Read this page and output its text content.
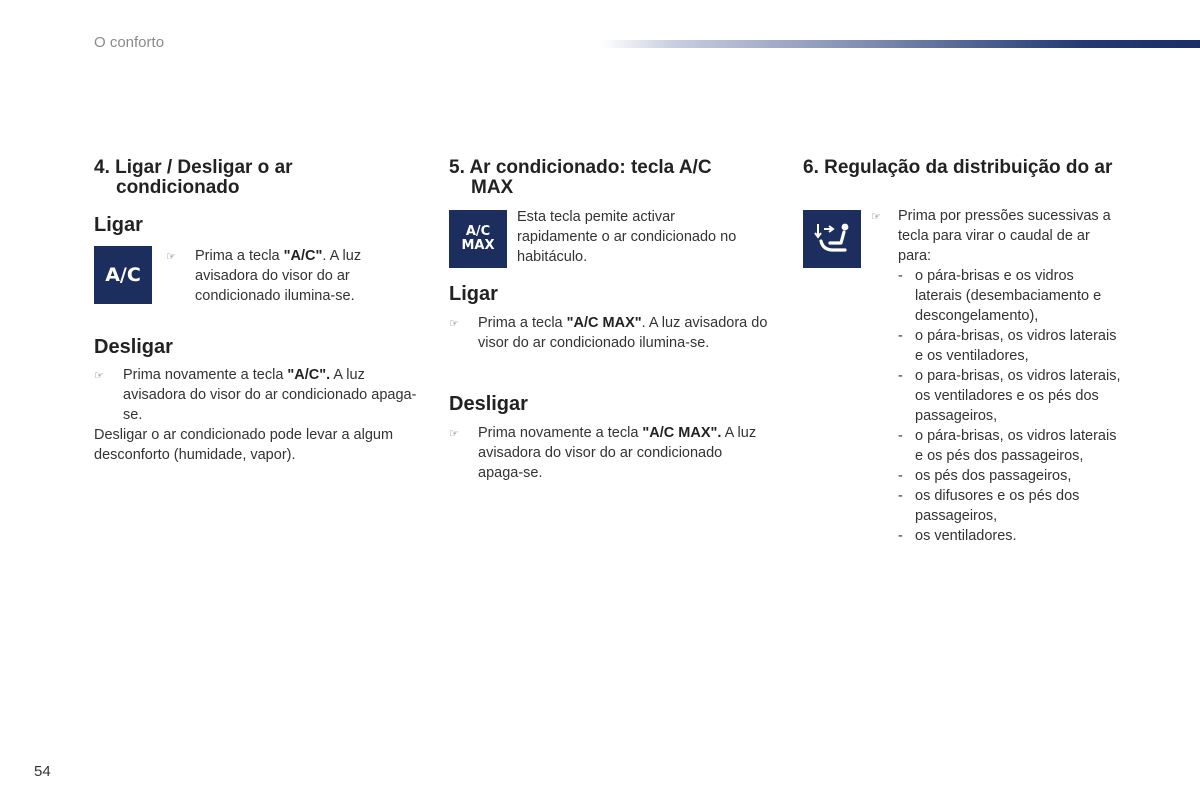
O conforto
4. Ligar / Desligar o ar
condicionado
Ligar
A/C
☞	Prima a tecla "A/C". A luz avisadora do visor do ar condicionado ilumina-se.
Desligar
☞	Prima novamente a tecla "A/C". A luz avisadora do visor do ar condicionado apaga-se.

Desligar o ar condicionado pode levar a algum desconforto (humidade, vapor).

5. Ar condicionado: tecla A/C
MAX
A/C
MAX

Esta tecla pemite activar rapidamente o ar condicionado no habitáculo.

Ligar
☞	Prima a tecla "A/C MAX". A luz avisadora do visor do ar condicionado ilumina-se.
Desligar
☞	Prima novamente a tecla "A/C MAX". A luz avisadora do visor do ar condicionado apaga-se.
6. Regulação da distribuição do ar
☞	Prima por pressões sucessivas a tecla para virar o caudal de ar para:
- o pára-brisas e os vidros laterais (desembaciamento e descongelamento),
- o pára-brisas, os vidros laterais e os ventiladores,
- o para-brisas, os vidros laterais, os ventiladores e os pés dos passageiros,
- o pára-brisas, os vidros laterais e os pés dos passageiros,
- os pés dos passageiros,
- os difusores e os pés dos passageiros,
- os ventiladores.
54
